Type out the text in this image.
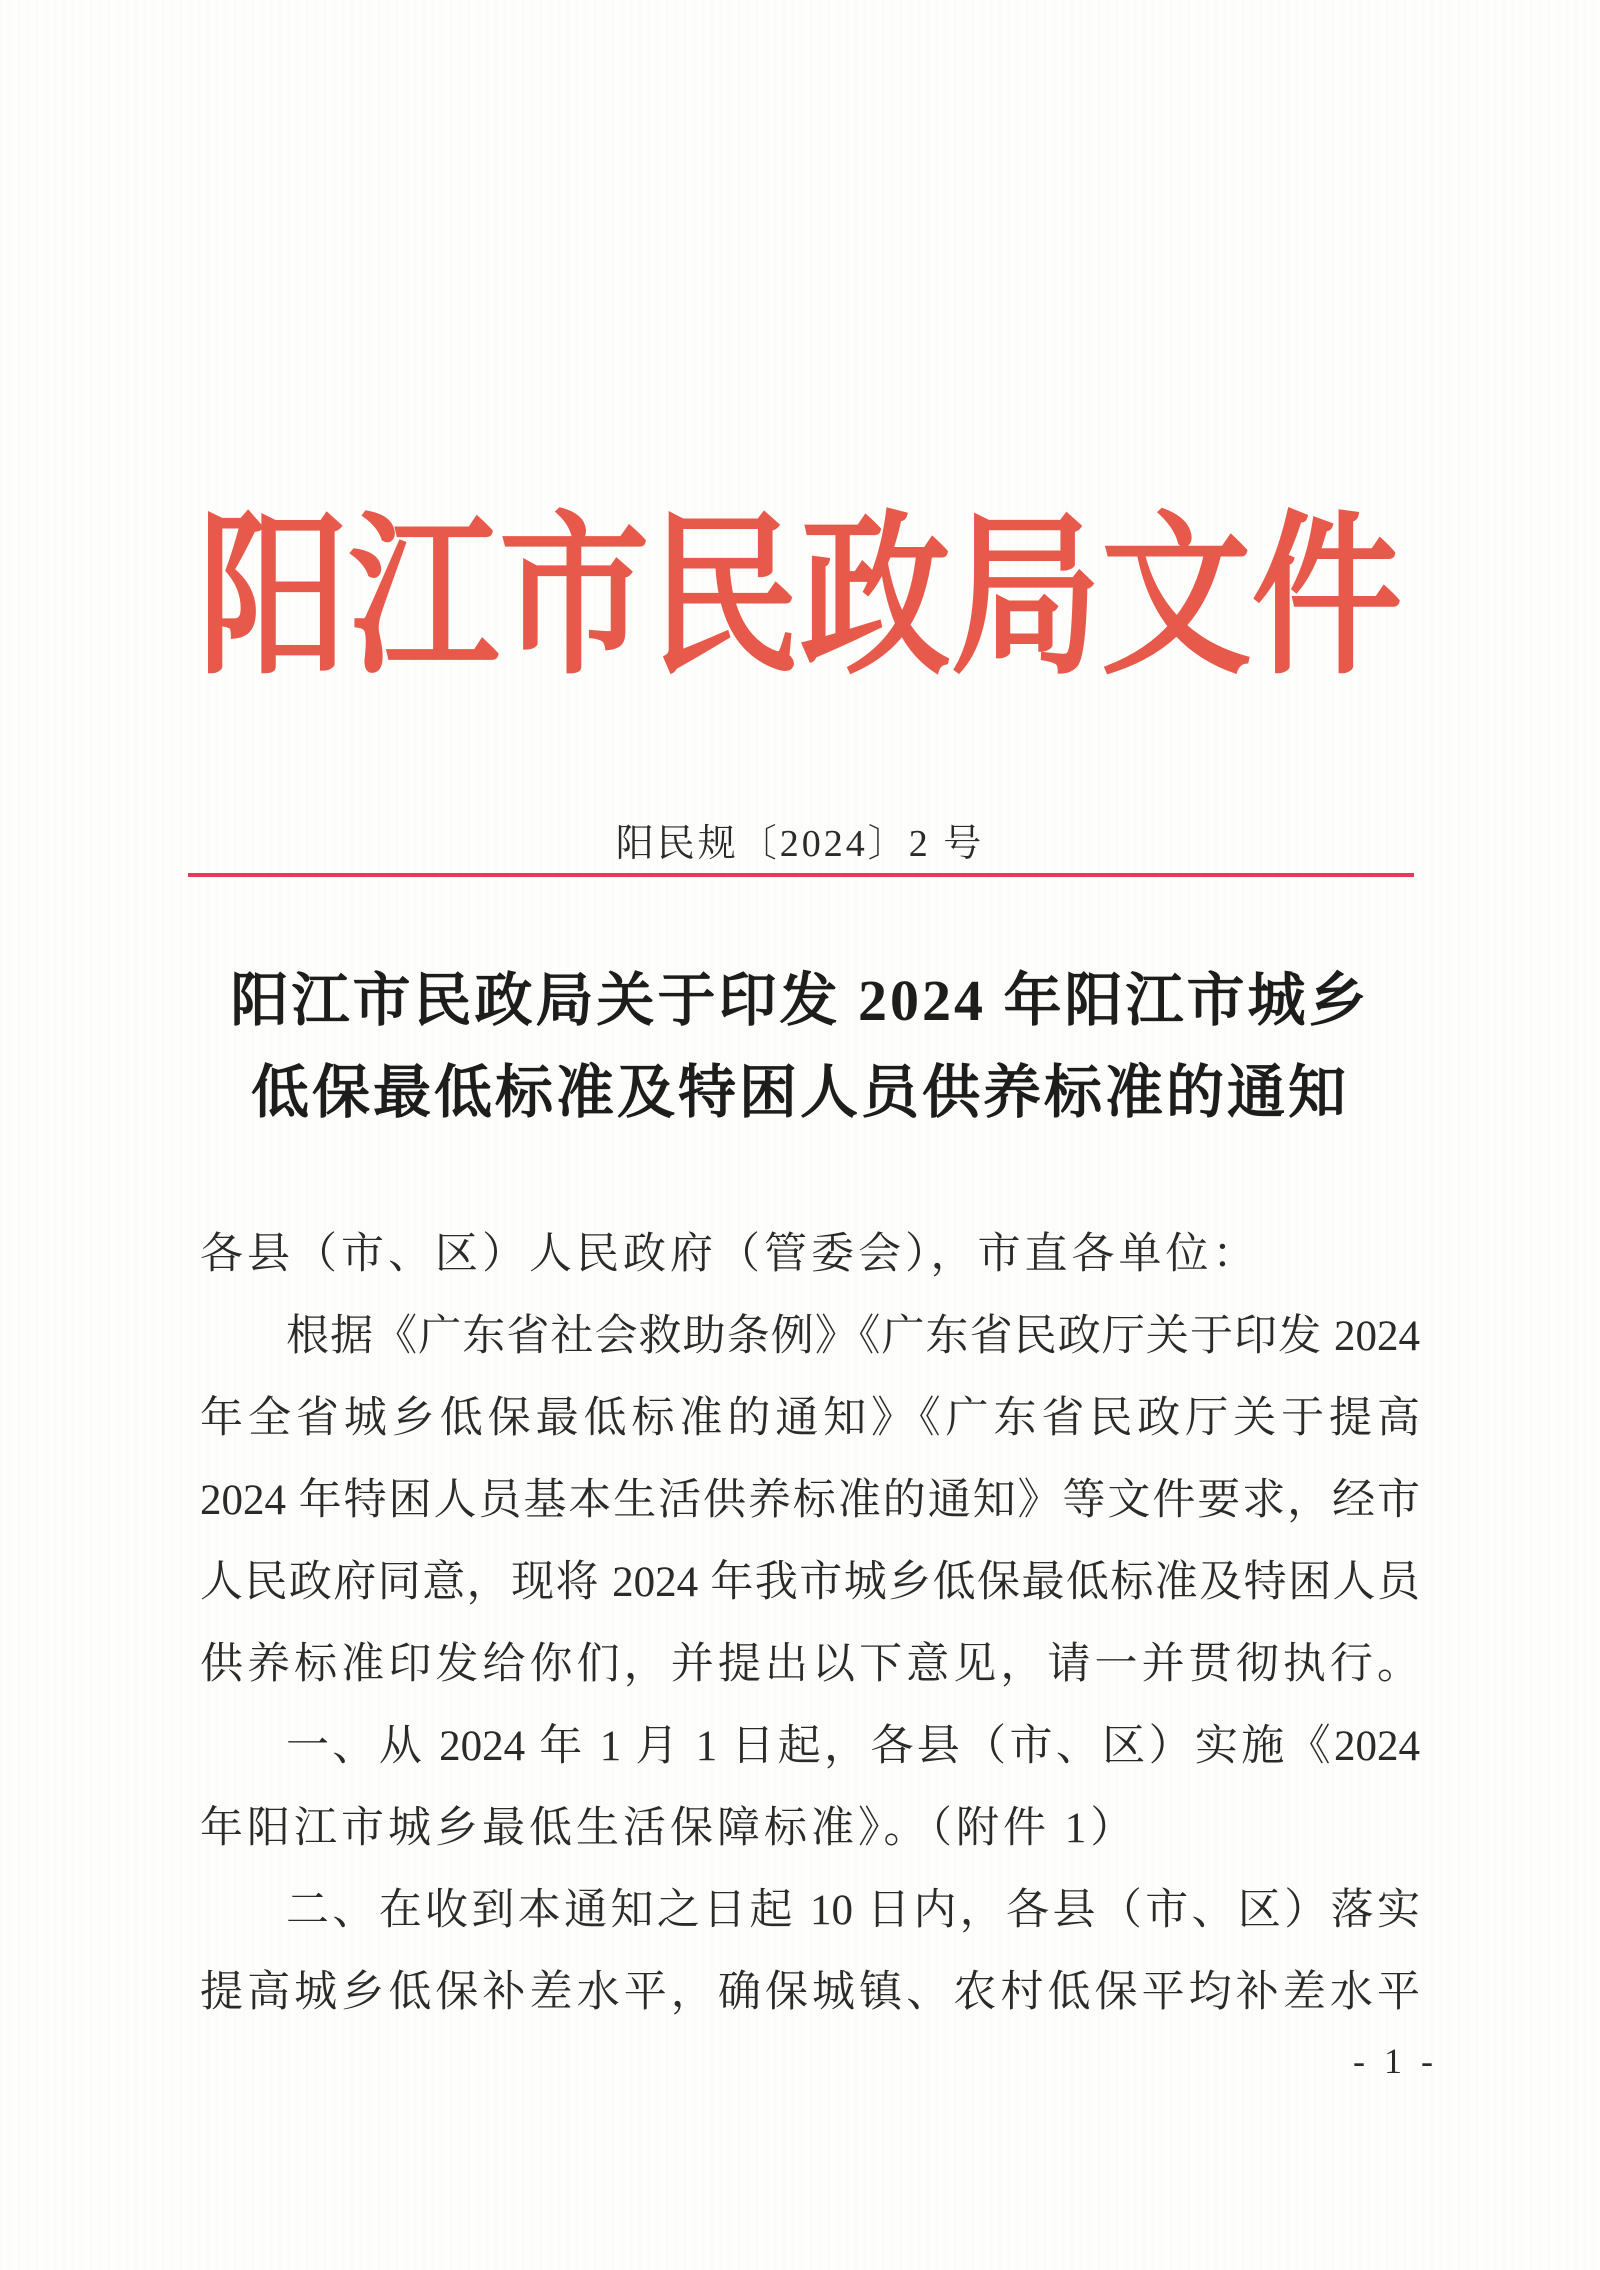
阳江市民政局文件
阳民规〔2024〕2 号
阳江市民政局关于印发 2024 年阳江市城乡
低保最低标准及特困人员供养标准的通知

各县（市、区）人民政府（管委会），市直各单位：

根据《广东省社会救助条例》《广东省民政厅关于印发 2024

年全省城乡低保最低标准的通知》《广东省民政厅关于提高

2024 年特困人员基本生活供养标准的通知》等文件要求，经市

人民政府同意，现将 2024 年我市城乡低保最低标准及特困人员

供养标准印发给你们，并提出以下意见，请一并贯彻执行。

一、从 2024 年 1 月 1 日起，各县（市、区）实施《2024

年阳江市城乡最低生活保障标准》。（附件 1）

二、在收到本通知之日起 10 日内，各县（市、区）落实

提高城乡低保补差水平，确保城镇、农村低保平均补差水平

- 1 -
